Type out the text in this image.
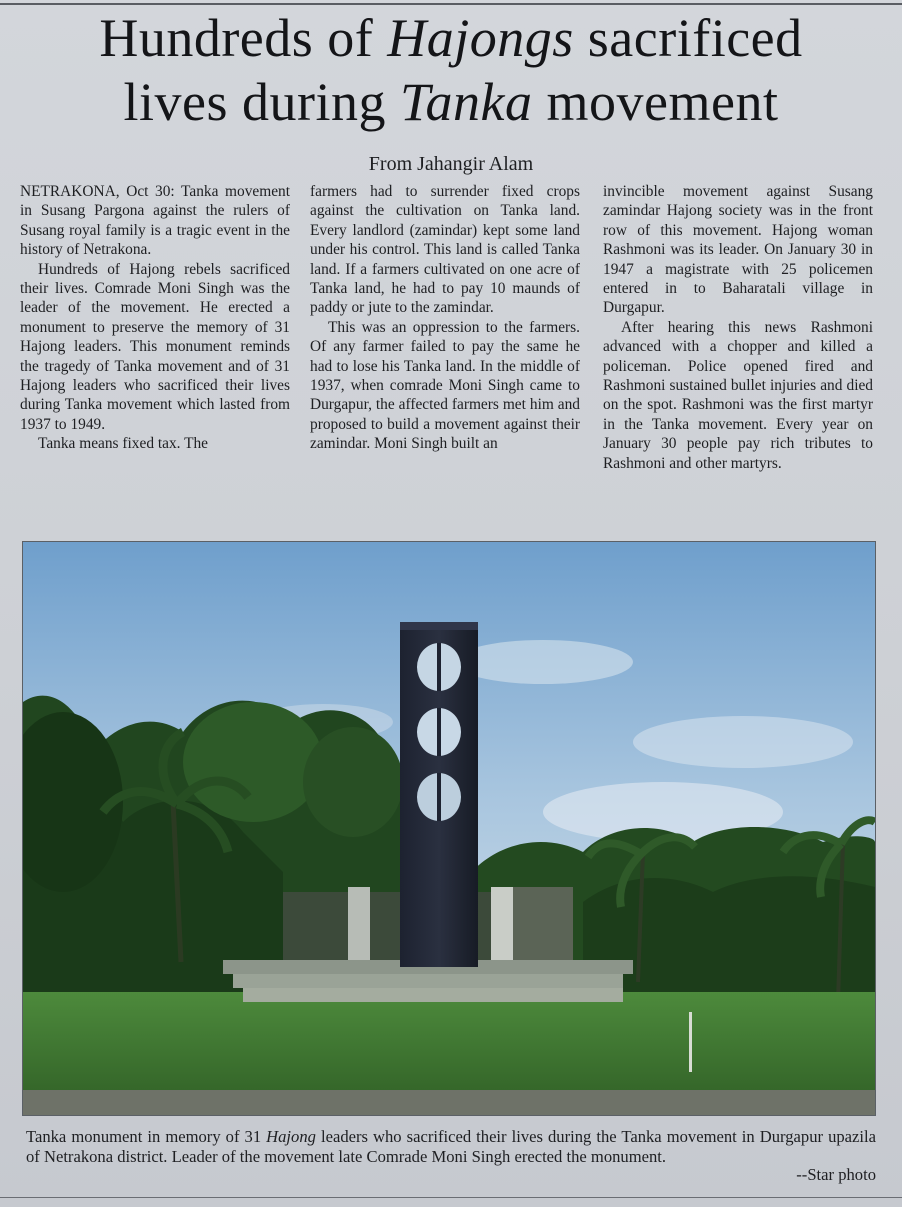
Hundreds of Hajongs sacrificed
lives during Tanka movement
From Jahangir Alam

NETRAKONA, Oct 30: Tanka movement in Susang Pargona against the rulers of Susang royal family is a tragic event in the history of Netrakona.

Hundreds of Hajong rebels sacrificed their lives. Comrade Moni Singh was the leader of the movement. He erected a monument to preserve the memory of 31 Hajong leaders. This monument reminds the tragedy of Tanka movement and of 31 Hajong leaders who sacrificed their lives during Tanka movement which lasted from 1937 to 1949.

Tanka means fixed tax. The

farmers had to surrender fixed crops against the cultivation on Tanka land. Every landlord (zamindar) kept some land under his control. This land is called Tanka land. If a farmers cultivated on one acre of Tanka land, he had to pay 10 maunds of paddy or jute to the zamindar.

This was an oppression to the farmers. Of any farmer failed to pay the same he had to lose his Tanka land. In the middle of 1937, when comrade Moni Singh came to Durgapur, the affected farmers met him and proposed to build a movement against their zamindar. Moni Singh built an

invincible movement against Susang zamindar Hajong society was in the front row of this movement. Hajong woman Rashmoni was its leader. On January 30 in 1947 a magistrate with 25 policemen entered in to Baharatali village in Durgapur.

After hearing this news Rashmoni advanced with a chopper and killed a policeman. Police opened fired and Rashmoni sustained bullet injuries and died on the spot. Rashmoni was the first martyr in the Tanka movement. Every year on January 30 people pay rich tributes to Rashmoni and other martyrs.

Tanka monument in memory of 31 Hajong leaders who sacrificed their lives during the Tanka movement in Durgapur upazila of Netrakona district. Leader of the movement late Comrade Moni Singh erected the monument.
--Star photo
